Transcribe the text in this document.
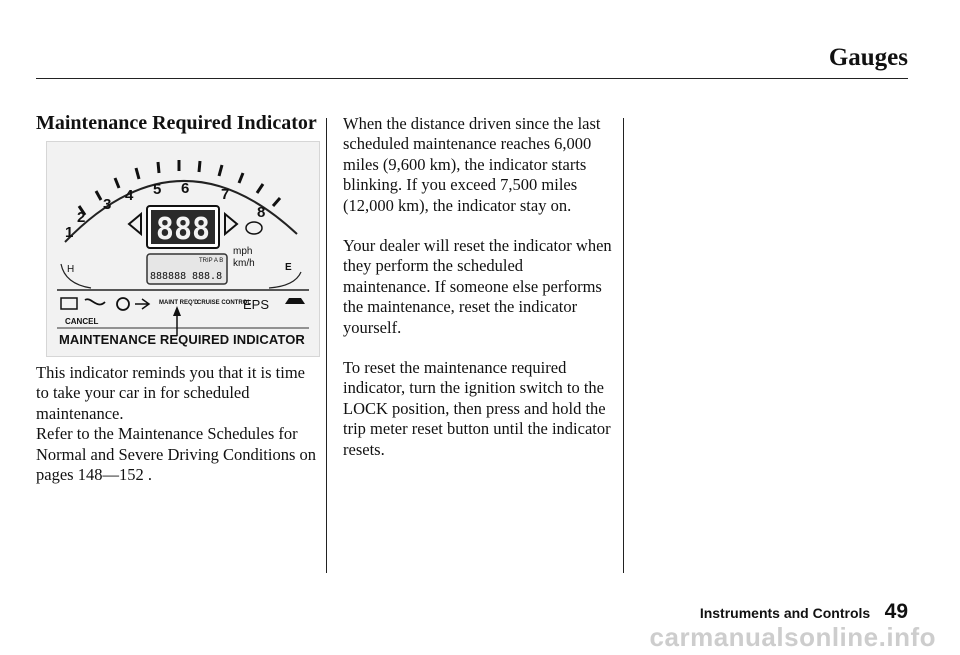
Gauges
Maintenance Required Indicator
1
2
3
4 5 6 7
8
888
mph
km/h
H	E
TRIP A B
888888 888.8
MAINT REQ'D
CRUISE CONTROL
EPS
CANCEL
MAINTENANCE REQUIRED INDICATOR

This indicator reminds you that it is time to take your car in for scheduled maintenance.

Refer to the Maintenance Schedules for Normal and Severe Driving Conditions on pages 148—152 .

When the distance driven since the last scheduled maintenance reaches 6,000 miles (9,600 km), the indicator starts blinking. If you exceed 7,500 miles (12,000 km), the indicator stay on.

Your dealer will reset the indicator when they perform the scheduled maintenance. If someone else performs the maintenance, reset the indicator yourself.

To reset the maintenance required indicator, turn the ignition switch to the LOCK position, then press and hold the trip meter reset button until the indicator resets.

Instruments and Controls 49
carmanualsonline.info
